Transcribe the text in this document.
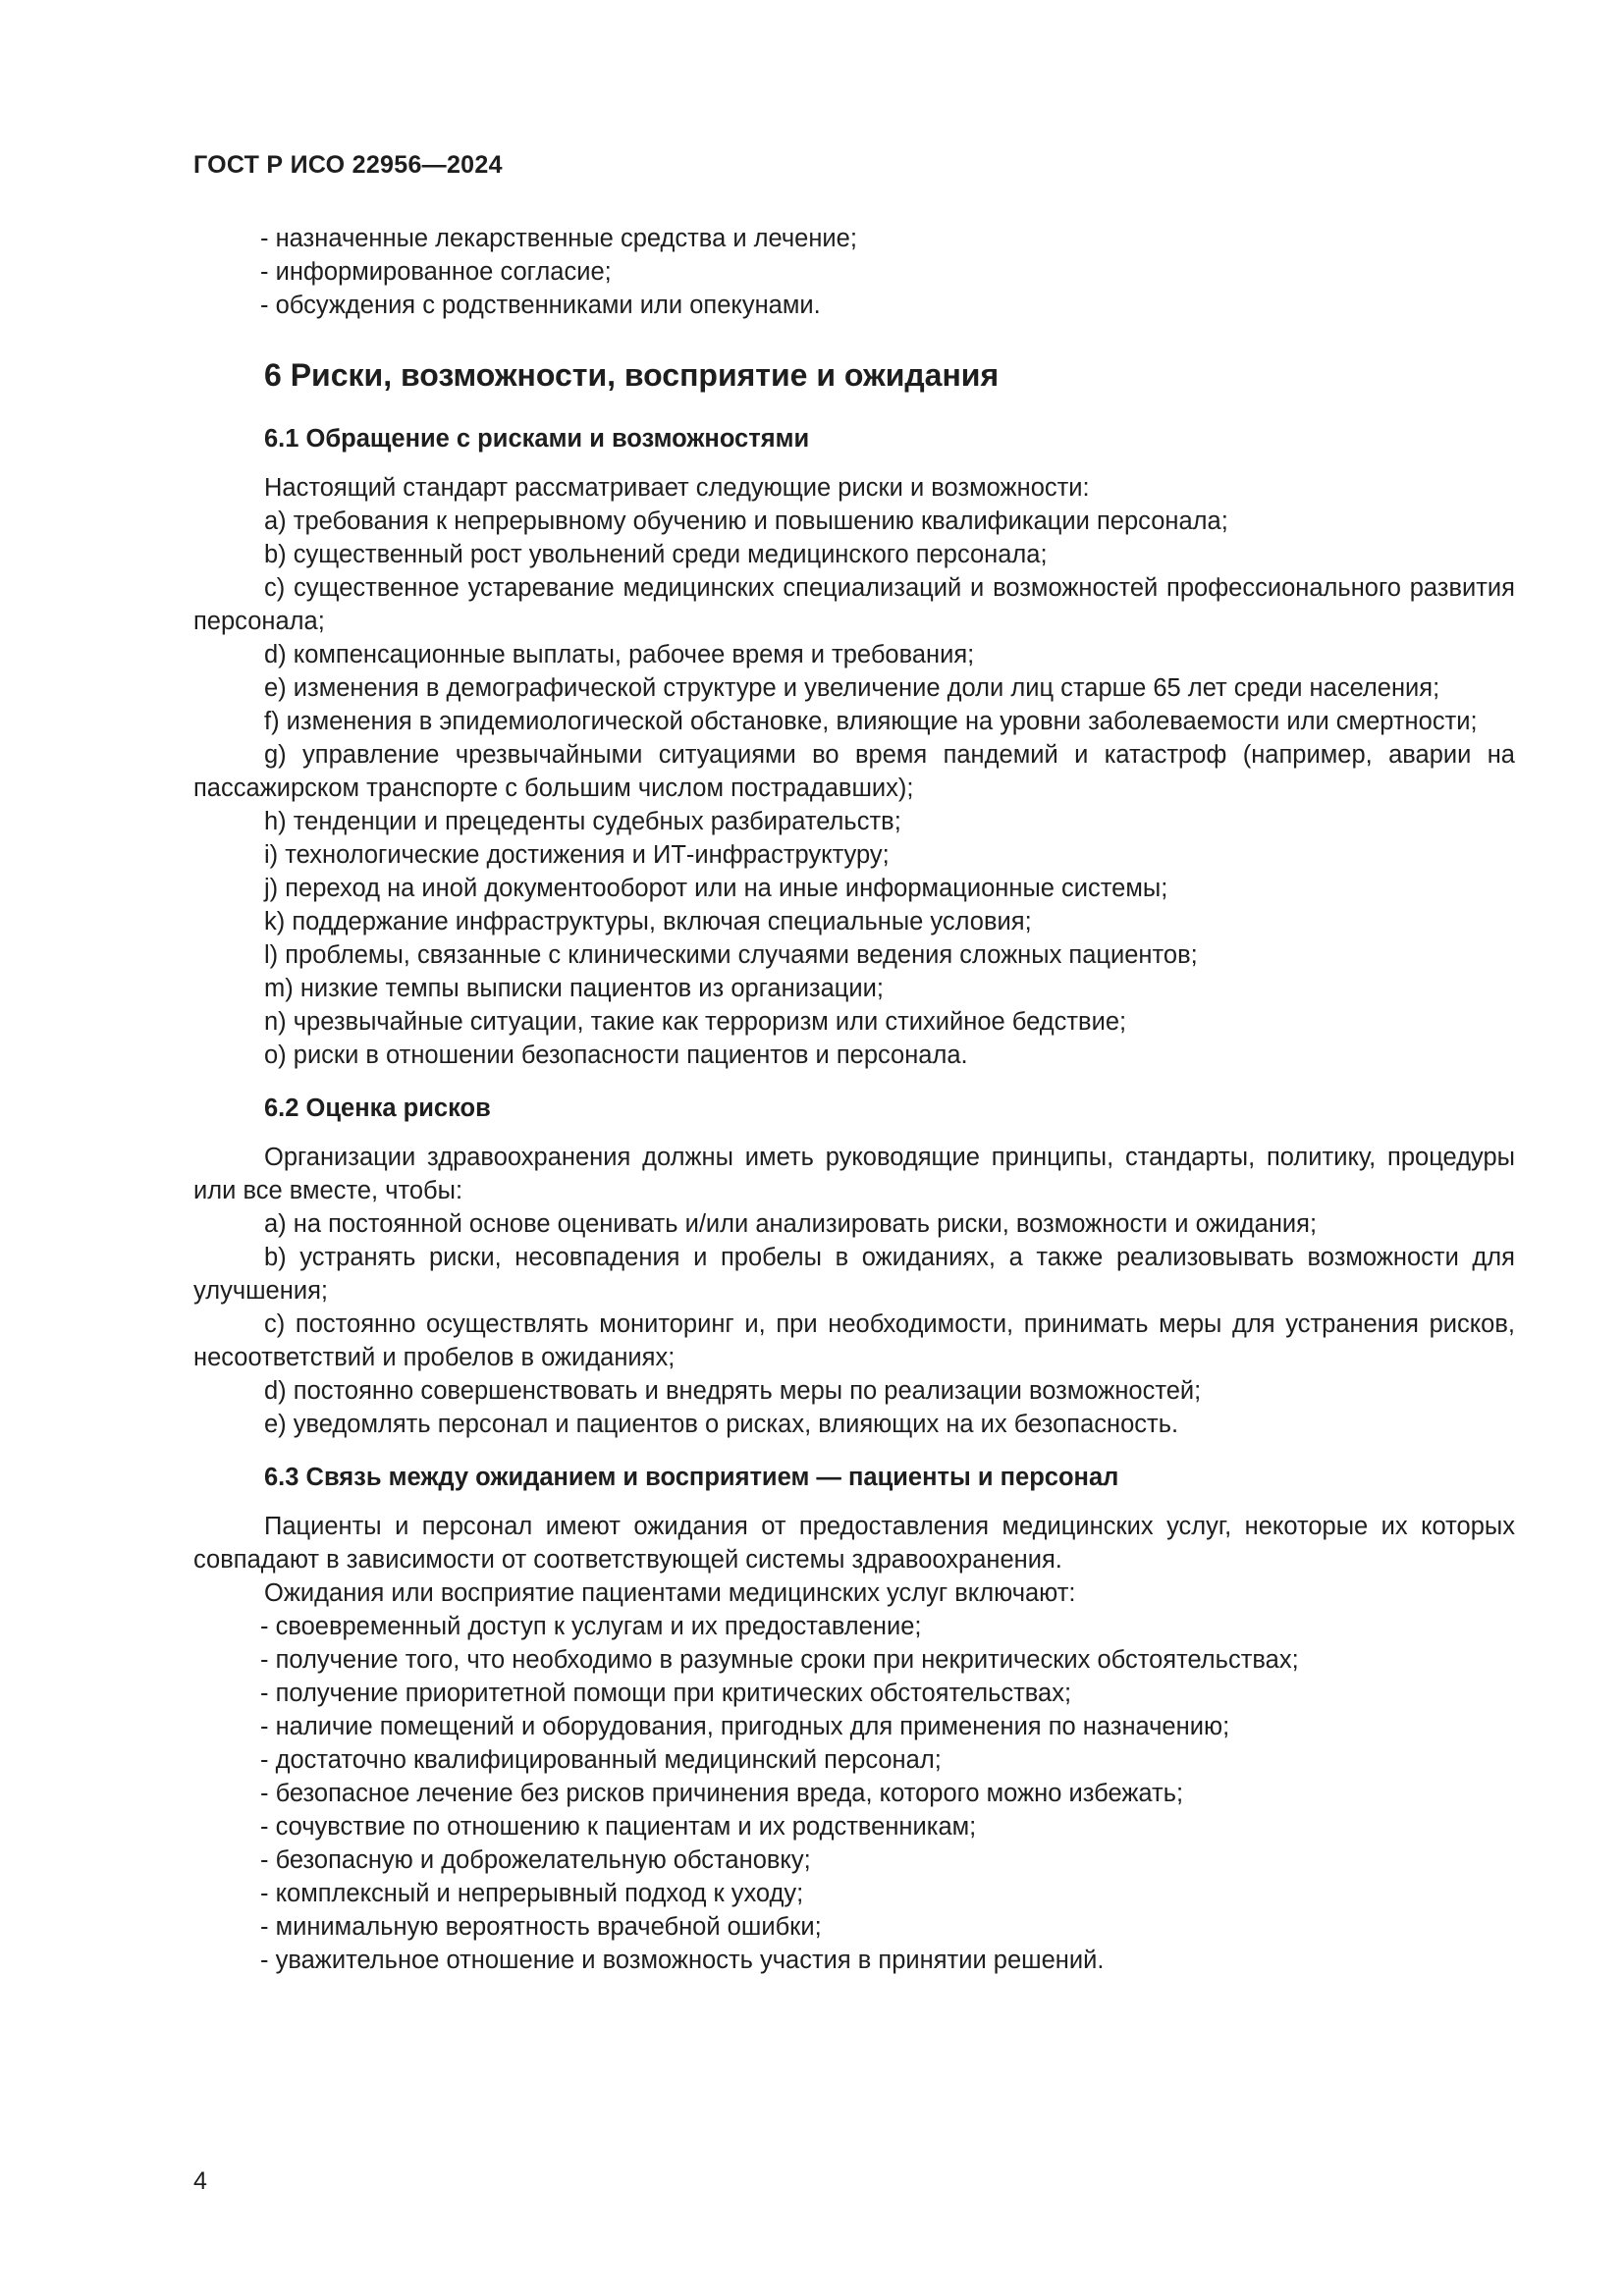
ГОСТ Р ИСО 22956—2024

- назначенные лекарственные средства и лечение;

- информированное согласие;

- обсуждения с родственниками или опекунами.

6 Риски, возможности, восприятие и ожидания

6.1 Обращение с рисками и возможностями

Настоящий стандарт рассматривает следующие риски и возможности:

a) требования к непрерывному обучению и повышению квалификации персонала;

b) существенный рост увольнений среди медицинского персонала;

c) существенное устаревание медицинских специализаций и возможностей профессионального развития персонала;

d) компенсационные выплаты, рабочее время и требования;

e) изменения в демографической структуре и увеличение доли лиц старше 65 лет среди населения;

f) изменения в эпидемиологической обстановке, влияющие на уровни заболеваемости или смертности;

g) управление чрезвычайными ситуациями во время пандемий и катастроф (например, аварии на пассажирском транспорте с большим числом пострадавших);

h) тенденции и прецеденты судебных разбирательств;

i) технологические достижения и ИТ-инфраструктуру;

j) переход на иной документооборот или на иные информационные системы;

k) поддержание инфраструктуры, включая специальные условия;

l) проблемы, связанные с клиническими случаями ведения сложных пациентов;

m) низкие темпы выписки пациентов из организации;

n) чрезвычайные ситуации, такие как терроризм или стихийное бедствие;

o) риски в отношении безопасности пациентов и персонала.

6.2 Оценка рисков

Организации здравоохранения должны иметь руководящие принципы, стандарты, политику, процедуры или все вместе, чтобы:

a) на постоянной основе оценивать и/или анализировать риски, возможности и ожидания;

b) устранять риски, несовпадения и пробелы в ожиданиях, а также реализовывать возможности для улучшения;

c) постоянно осуществлять мониторинг и, при необходимости, принимать меры для устранения рисков, несоответствий и пробелов в ожиданиях;

d) постоянно совершенствовать и внедрять меры по реализации возможностей;

e) уведомлять персонал и пациентов о рисках, влияющих на их безопасность.

6.3 Связь между ожиданием и восприятием — пациенты и персонал

Пациенты и персонал имеют ожидания от предоставления медицинских услуг, некоторые их которых совпадают в зависимости от соответствующей системы здравоохранения.

Ожидания или восприятие пациентами медицинских услуг включают:

- своевременный доступ к услугам и их предоставление;

- получение того, что необходимо в разумные сроки при некритических обстоятельствах;

- получение приоритетной помощи при критических обстоятельствах;

- наличие помещений и оборудования, пригодных для применения по назначению;

- достаточно квалифицированный медицинский персонал;

- безопасное лечение без рисков причинения вреда, которого можно избежать;

- сочувствие по отношению к пациентам и их родственникам;

- безопасную и доброжелательную обстановку;

- комплексный и непрерывный подход к уходу;

- минимальную вероятность врачебной ошибки;

- уважительное отношение и возможность участия в принятии решений.

4
